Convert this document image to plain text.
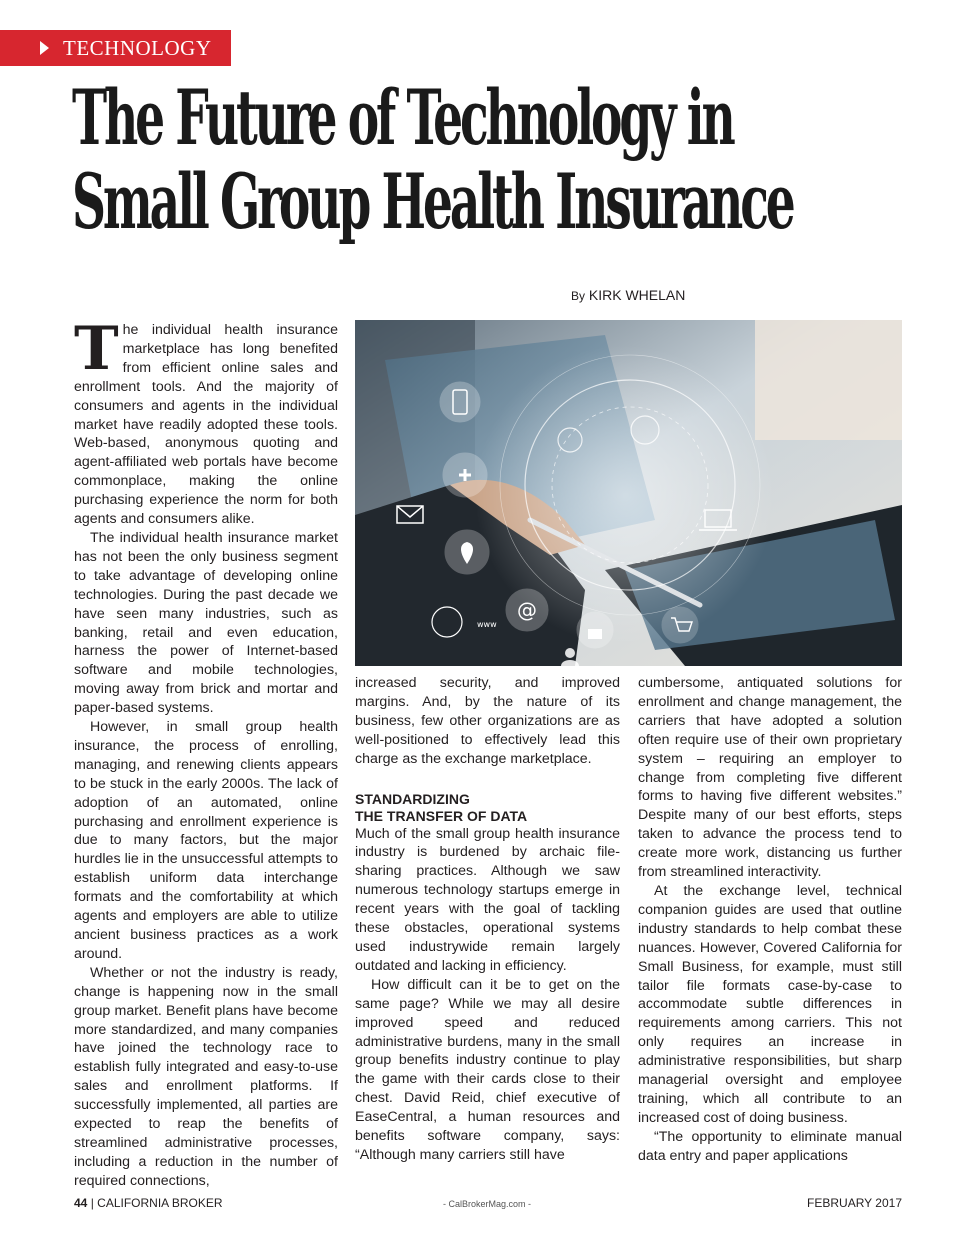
TECHNOLOGY
The Future of Technology in
Small Group Health Insurance
By KIRK WHELAN

The individual health insurance marketplace has long benefited from efficient online sales and enrollment tools. And the majority of consumers and agents in the individual market have readily adopted these tools. Web-based, anonymous quoting and agent-affiliated web portals have become commonplace, making the online purchasing experience the norm for both agents and consumers alike.

The individual health insurance market has not been the only business segment to take advantage of developing online technologies. During the past decade we have seen many industries, such as banking, retail and even education, harness the power of Internet-based software and mobile technologies, moving away from brick and mortar and paper-based systems.

However, in small group health insurance, the process of enrolling, managing, and renewing clients appears to be stuck in the early 2000s. The lack of adoption of an automated, online purchasing and enrollment experience is due to many factors, but the major hurdles lie in the unsuccessful attempts to establish uniform data interchange formats and the comfortability at which agents and employers are able to utilize ancient business practices as a work around.

Whether or not the industry is ready, change is happening now in the small group market. Benefit plans have become more standardized, and many companies have joined the technology race to establish fully integrated and easy-to-use sales and enrollment platforms. If successfully implemented, all parties are expected to reap the benefits of streamlined administrative processes, including a reduction in the number of required connections,

@
www

increased security, and improved margins. And, by the nature of its business, few other organizations are as well-positioned to effectively lead this charge as the exchange marketplace.

STANDARDIZING
THE TRANSFER OF DATA

Much of the small group health insurance industry is burdened by archaic file-sharing practices. Although we saw numerous technology startups emerge in recent years with the goal of tackling these obstacles, operational systems used industrywide remain largely outdated and lacking in efficiency.

How difficult can it be to get on the same page? While we may all desire improved speed and reduced administrative burdens, many in the small group benefits industry continue to play the game with their cards close to their chest. David Reid, chief executive of EaseCentral, a human resources and benefits software company, says: “Although many carriers still have

cumbersome, antiquated solutions for enrollment and change management, the carriers that have adopted a solution often require use of their own proprietary system – requiring an employer to change from completing five different forms to having five different websites.” Despite many of our best efforts, steps taken to advance the process tend to create more work, distancing us further from streamlined interactivity.

At the exchange level, technical companion guides are used that outline industry standards to help combat these nuances. However, Covered California for Small Business, for example, must still tailor file formats case-by-case to accommodate subtle differences in requirements among carriers. This not only requires an increase in administrative responsibilities, but sharp managerial oversight and employee training, which all contribute to an increased cost of doing business.

“The opportunity to eliminate manual data entry and paper applications

44 | CALIFORNIA BROKER	- CalBrokerMag.com -	FEBRUARY 2017
